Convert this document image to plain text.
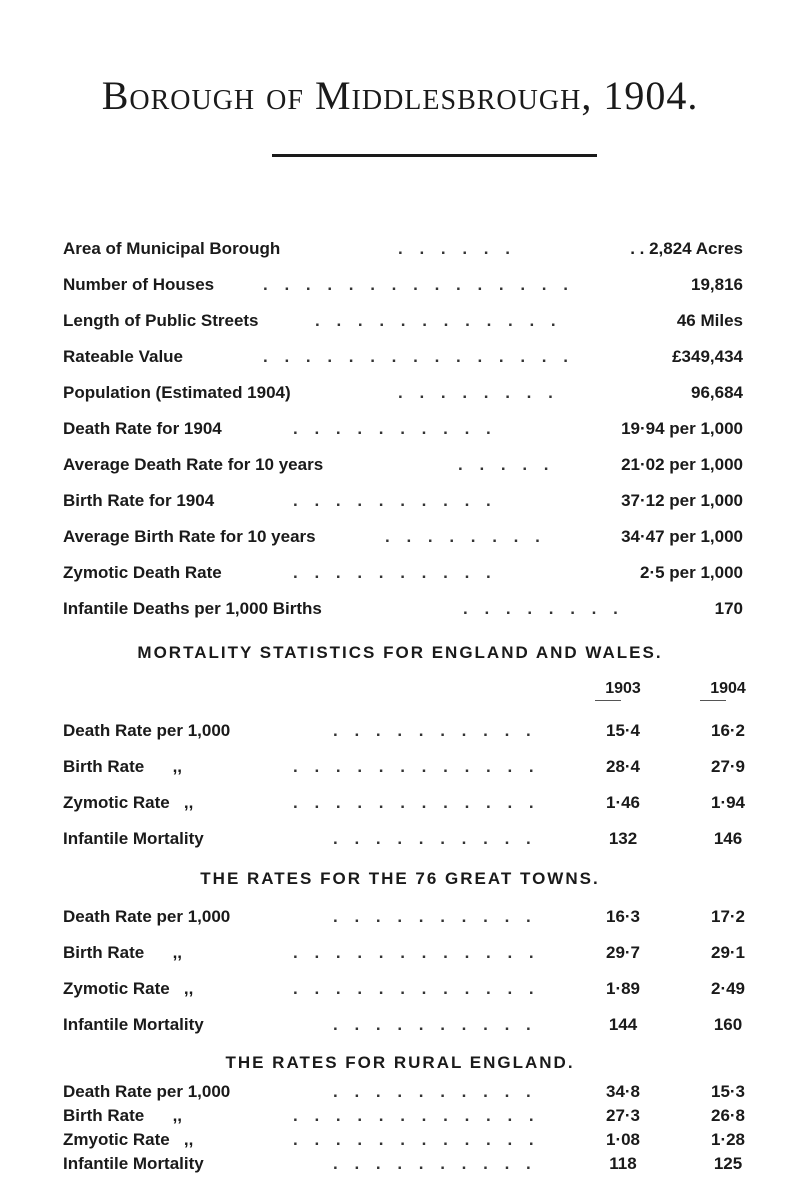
Borough of Middlesbrough, 1904.
Area of Municipal Borough	. . . . . .	. . 2,824 Acres
Number of Houses	. . . . . . . . . . . . . . .	19,816
Length of Public Streets	. . . . . . . . . . . .	46 Miles
Rateable Value	. . . . . . . . . . . . . . .	£349,434
Population (Estimated 1904)	. . . . . . . .	96,684
Death Rate for 1904	. . . . . . . . . .	19·94 per 1,000
Average Death Rate for 10 years	. . . . .	21·02 per 1,000
Birth Rate for 1904	. . . . . . . . . .	37·12 per 1,000
Average Birth Rate for 10 years	. . . . . . . .	34·47 per 1,000
Zymotic Death Rate	. . . . . . . . . .	2·5 per 1,000
Infantile Deaths per 1,000 Births	. . . . . . . .	170
MORTALITY STATISTICS FOR ENGLAND AND WALES.
1903	1904
Death Rate per 1,000	. . . . . . . . . .	15·4	16·2
Birth Rate      ,,	. . . . . . . . . . . .	28·4	27·9
Zymotic Rate   ,,	. . . . . . . . . . . .	1·46	1·94
Infantile Mortality	. . . . . . . . . .	132	146
THE RATES FOR THE 76 GREAT TOWNS.
Death Rate per 1,000	. . . . . . . . . .	16·3	17·2
Birth Rate      ,,	. . . . . . . . . . . .	29·7	29·1
Zymotic Rate   ,,	. . . . . . . . . . . .	1·89	2·49
Infantile Mortality	. . . . . . . . . .	144	160
THE RATES FOR RURAL ENGLAND.
Death Rate per 1,000	. . . . . . . . . .	34·8	15·3
Birth Rate      ,,	. . . . . . . . . . . .	27·3	26·8
Zmyotic Rate   ,,	. . . . . . . . . . . .	1·08	1·28
Infantile Mortality	. . . . . . . . . .	118	125
